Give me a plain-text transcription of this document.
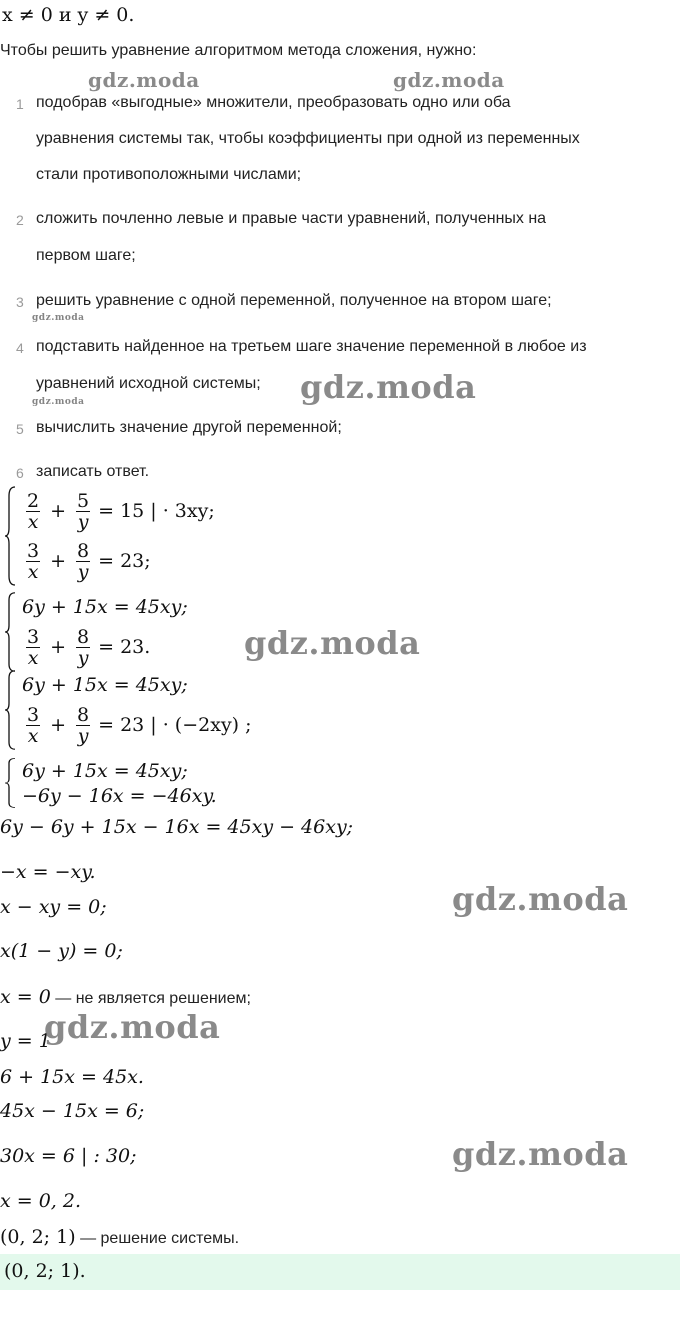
x ≠ 0 и y ≠ 0.
Чтобы решить уравнение алгоритмом метода сложения, нужно:
1 подобрав «выгодные» множители, преобразовать одно или оба
уравнения системы так, чтобы коэффициенты при одной из переменных
стали противоположными числами;
2 сложить почленно левые и правые части уравнений, полученных на
первом шаге;
3 решить уравнение с одной переменной, полученное на втором шаге;
4 подставить найденное на третьем шаге значение переменной в любое из
уравнений исходной системы;
5 вычислить значение другой переменной;
6 записать ответ.
$\frac{2}{x} + \frac{5}{y} = 15$ | · 3xy;
$\frac{3}{x} + \frac{8}{y} = 23$;
6y + 15x = 45xy;
$\frac{3}{x} + \frac{8}{y} = 23$.
6y + 15x = 45xy;
$\frac{3}{x} + \frac{8}{y} = 23$ | · (−2xy) ;
6y + 15x = 45xy;
−6y − 16x = −46xy.
6y − 6y + 15x − 16x = 45xy − 46xy;
−x = −xy.
x − xy = 0;
x(1 − y) = 0;
x = 0 — не является решением;
y = 1
6 + 15x = 45x.
45x − 15x = 6;
30x = 6 | : 30;
x = 0, 2.
(0, 2; 1) — решение системы.
(0, 2; 1).
gdz.moda	gdz.moda
gdz.moda
gdz.moda
gdz.moda
gdz.moda
gdz.moda
gdz.moda
gdz.moda
